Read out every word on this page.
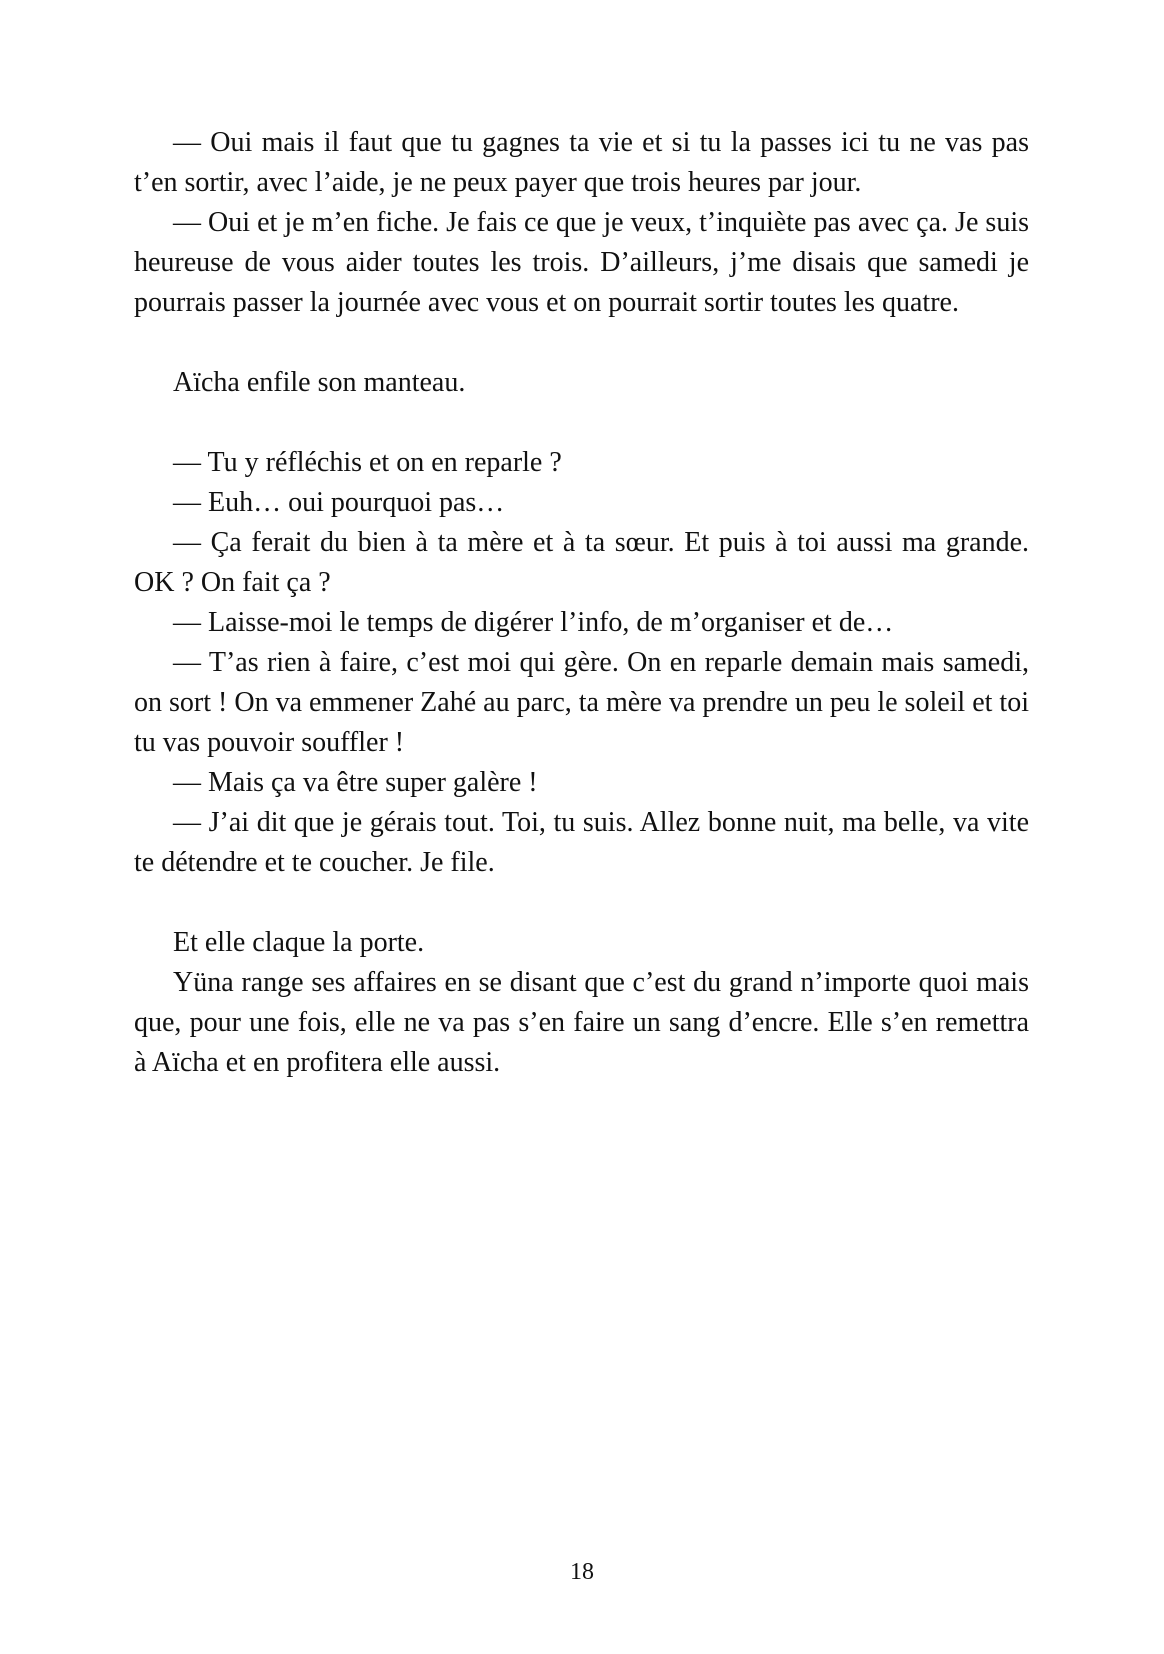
— Oui mais il faut que tu gagnes ta vie et si tu la passes ici tu ne vas pas t’en sortir, avec l’aide, je ne peux payer que trois heures par jour.

— Oui et je m’en fiche. Je fais ce que je veux, t’inquiète pas avec ça. Je suis heureuse de vous aider toutes les trois. D’ailleurs, j’me disais que samedi je pourrais passer la journée avec vous et on pourrait sortir toutes les quatre.

Aïcha enfile son manteau.

— Tu y réfléchis et on en reparle ?

— Euh… oui pourquoi pas…

— Ça ferait du bien à ta mère et à ta sœur. Et puis à toi aussi ma grande. OK ? On fait ça ?

— Laisse-moi le temps de digérer l’info, de m’organiser et de…

— T’as rien à faire, c’est moi qui gère. On en reparle demain mais samedi, on sort ! On va emmener Zahé au parc, ta mère va prendre un peu le soleil et toi tu vas pouvoir souffler !

— Mais ça va être super galère !

— J’ai dit que je gérais tout. Toi, tu suis. Allez bonne nuit, ma belle, va vite te détendre et te coucher. Je file.

Et elle claque la porte.

Yüna range ses affaires en se disant que c’est du grand n’importe quoi mais que, pour une fois, elle ne va pas s’en faire un sang d’encre. Elle s’en remettra à Aïcha et en profitera elle aussi.

18
